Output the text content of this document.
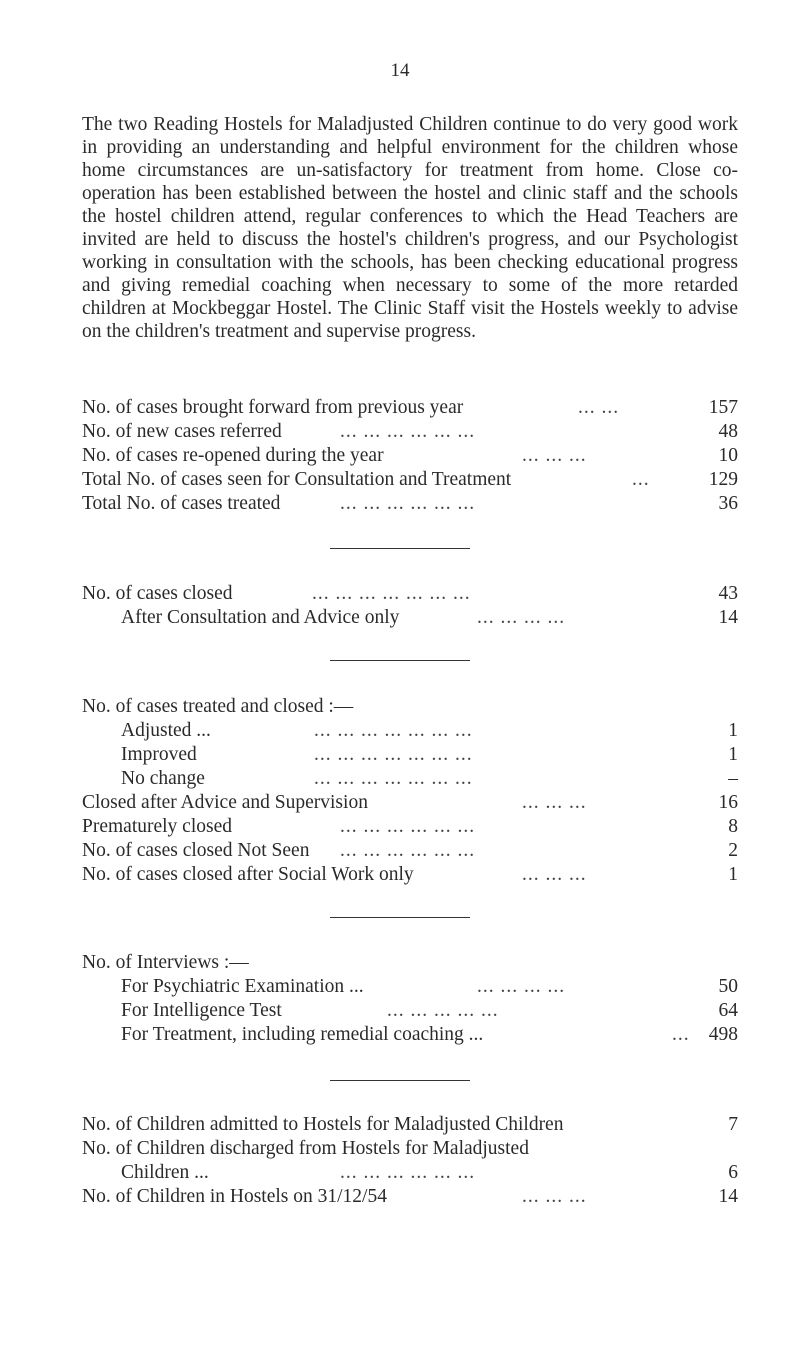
14

The two Reading Hostels for Maladjusted Children continue to do very good work in providing an understanding and helpful environment for the children whose home circumstances are un-satisfactory for treatment from home. Close co-operation has been established between the hostel and clinic staff and the schools the hostel children attend, regular conferences to which the Head Teachers are invited are held to discuss the hostel's children's progress, and our Psychologist working in consultation with the schools, has been checking educational progress and giving remedial coaching when necessary to some of the more retarded children at Mockbeggar Hostel. The Clinic Staff visit the Hostels weekly to advise on the children's treatment and supervise progress.

No. of cases brought forward from previous year	... ...	157
No. of new cases referred	... ... ... ... ... ...	48
No. of cases re-opened during the year	... ... ...	10
Total No. of cases seen for Consultation and Treatment	...	129
Total No. of cases treated	... ... ... ... ... ...	36
No. of cases closed	... ... ... ... ... ... ...	43
After Consultation and Advice only	... ... ... ...	14
No. of cases treated and closed :—
Adjusted ...	... ... ... ... ... ... ...	1
Improved	... ... ... ... ... ... ...	1
No change	... ... ... ... ... ... ...	–
Closed after Advice and Supervision	... ... ...	16
Prematurely closed	... ... ... ... ... ...	8
No. of cases closed Not Seen ... ... ... ... ... ...	2
No. of cases closed after Social Work only	... ... ...	1
No. of Interviews :—
For Psychiatric Examination ...	... ... ... ...	50
For Intelligence Test	... ... ... ... ...	64
For Treatment, including remedial coaching ...	... 498
No. of Children admitted to Hostels for Maladjusted Children	7
No. of Children discharged from Hostels for Maladjusted
Children ...	... ... ... ... ... ...	6
No. of Children in Hostels on 31/12/54	... ... ...	14
